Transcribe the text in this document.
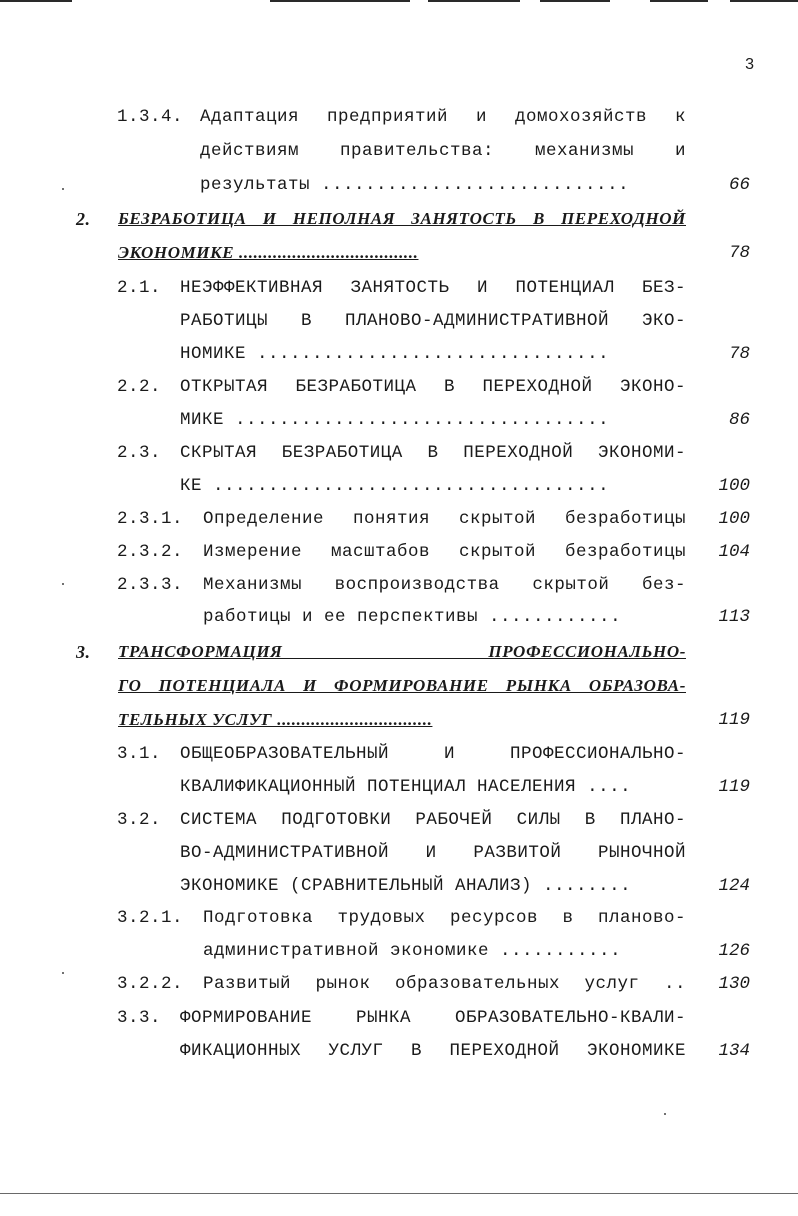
3
1.3.4. Адаптация предприятий и домохозяйств к
действиям правительства: механизмы и
результаты ............................	66
2. БЕЗРАБОТИЦА И НЕПОЛНАЯ ЗАНЯТОСТЬ В ПЕРЕХОДНОЙ
ЭКОНОМИКЕ .....................................	78
2.1. НЕЭФФЕКТИВНАЯ ЗАНЯТОСТЬ И ПОТЕНЦИАЛ БЕЗ-
РАБОТИЦЫ В ПЛАНОВО-АДМИНИСТРАТИВНОЙ ЭКО-
НОМИКЕ ................................	78
2.2. ОТКРЫТАЯ БЕЗРАБОТИЦА В ПЕРЕХОДНОЙ ЭКОНО-
МИКЕ ..................................	86
2.3. СКРЫТАЯ БЕЗРАБОТИЦА В ПЕРЕХОДНОЙ ЭКОНОМИ-
КЕ ....................................	100
2.3.1. Определение понятия скрытой безработицы 100
2.3.2. Измерение масштабов скрытой безработицы 104
2.3.3. Механизмы воспроизводства скрытой без-
работицы и ее перспективы ............	113
3. ТРАНСФОРМАЦИЯ ПРОФЕССИОНАЛЬНО-
ГО ПОТЕНЦИАЛА И ФОРМИРОВАНИЕ РЫНКА ОБРАЗОВА-
ТЕЛЬНЫХ УСЛУГ ................................	119
3.1. ОБЩЕОБРАЗОВАТЕЛЬНЫЙ И ПРОФЕССИОНАЛЬНО-
КВАЛИФИКАЦИОННЫЙ ПОТЕНЦИАЛ НАСЕЛЕНИЯ ....	119
3.2. СИСТЕМА ПОДГОТОВКИ РАБОЧЕЙ СИЛЫ В ПЛАНО-
ВО-АДМИНИСТРАТИВНОЙ И РАЗВИТОЙ РЫНОЧНОЙ
ЭКОНОМИКЕ (СРАВНИТЕЛЬНЫЙ АНАЛИЗ) ........	124
3.2.1. Подготовка трудовых ресурсов в планово-
административной экономике ...........	126
3.2.2. Развитый рынок образовательных услуг .. 130
3.3. ФОРМИРОВАНИЕ РЫНКА ОБРАЗОВАТЕЛЬНО-КВАЛИ-
ФИКАЦИОННЫХ УСЛУГ В ПЕРЕХОДНОЙ ЭКОНОМИКЕ 134
